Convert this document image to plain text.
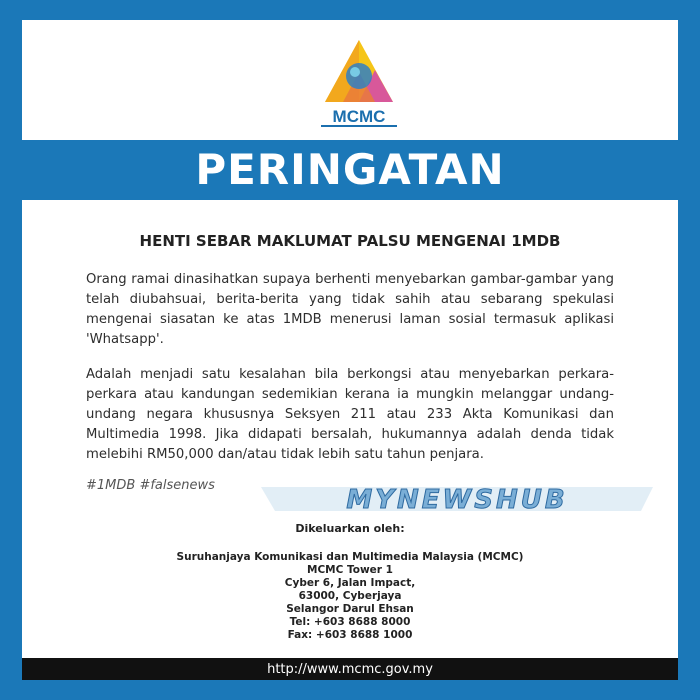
MCMC
PERINGATAN
HENTI SEBAR MAKLUMAT PALSU MENGENAI 1MDB

Orang ramai dinasihatkan supaya berhenti menyebarkan gambar-gambar yang telah diubahsuai, berita-berita yang tidak sahih atau sebarang spekulasi mengenai siasatan ke atas 1MDB menerusi laman sosial termasuk aplikasi 'Whatsapp'.

Adalah menjadi satu kesalahan bila berkongsi atau menyebarkan perkara-perkara atau kandungan sedemikian kerana ia mungkin melanggar undang-undang negara khususnya Seksyen 211 atau 233 Akta Komunikasi dan Multimedia 1998. Jika didapati bersalah, hukumannya adalah denda tidak melebihi RM50,000 dan/atau tidak lebih satu tahun penjara.

#1MDB #falsenews	MYNEWSHUB
Dikeluarkan oleh:
Suruhanjaya Komunikasi dan Multimedia Malaysia (MCMC)
MCMC Tower 1
Cyber 6, Jalan Impact,
63000, Cyberjaya
Selangor Darul Ehsan
Tel: +603 8688 8000
Fax: +603 8688 1000
http://www.mcmc.gov.my
